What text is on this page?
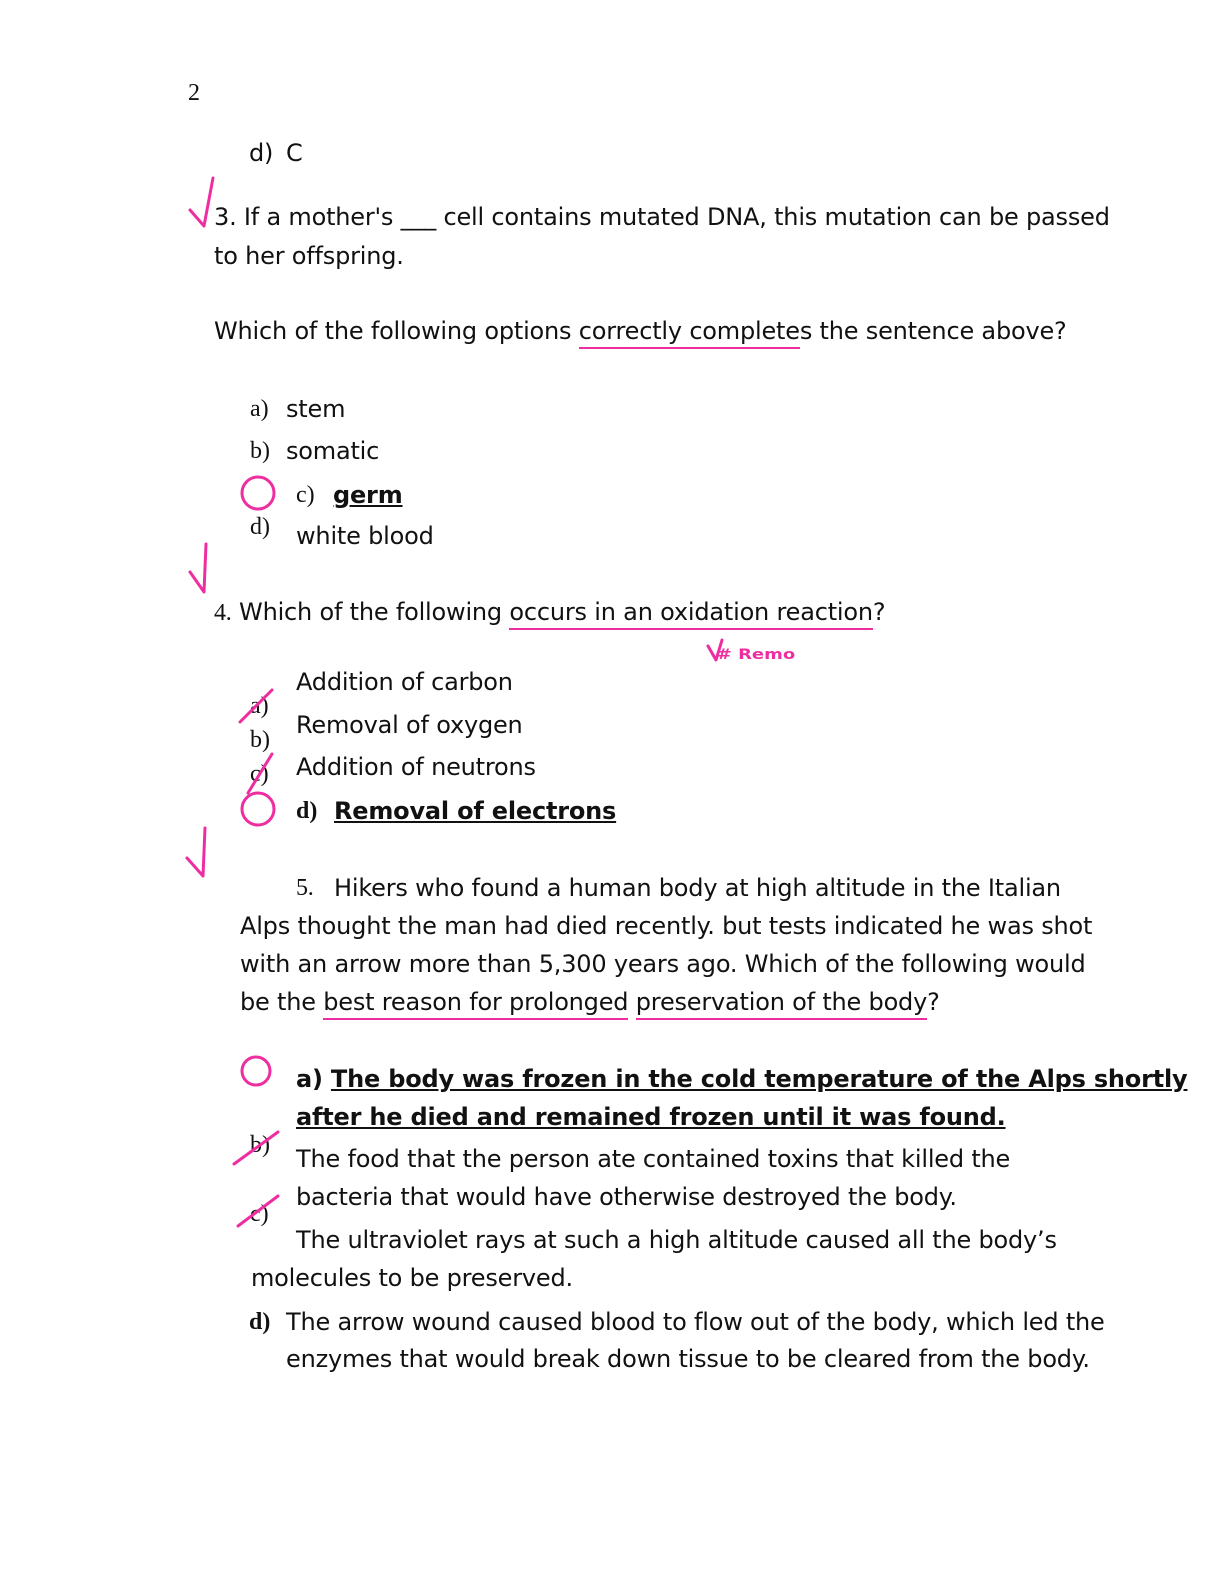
2
d) C
3. If a mother's ___ cell contains mutated DNA, this mutation can be passed
to her offspring.
Which of the following options correctly completes the sentence above?
a) stem
b) somatic
c) germ
d) white blood
4. Which of the following occurs in an oxidation reaction?
Addition of carbon
a)
Removal of oxygen
b)
Addition of neutrons
c)
d) Removal of electrons
# Remo
5. Hikers who found a human body at high altitude in the Italian
Alps thought the man had died recently. but tests indicated he was shot
with an arrow more than 5,300 years ago. Which of the following would
be the best reason for prolonged preservation of the body?
a) The body was frozen in the cold temperature of the Alps shortly
after he died and remained frozen until it was found.
b) The food that the person ate contained toxins that killed the
bacteria that would have otherwise destroyed the body.
c)
The ultraviolet rays at such a high altitude caused all the body’s
molecules to be preserved.
d) The arrow wound caused blood to flow out of the body, which led the
enzymes that would break down tissue to be cleared from the body.
